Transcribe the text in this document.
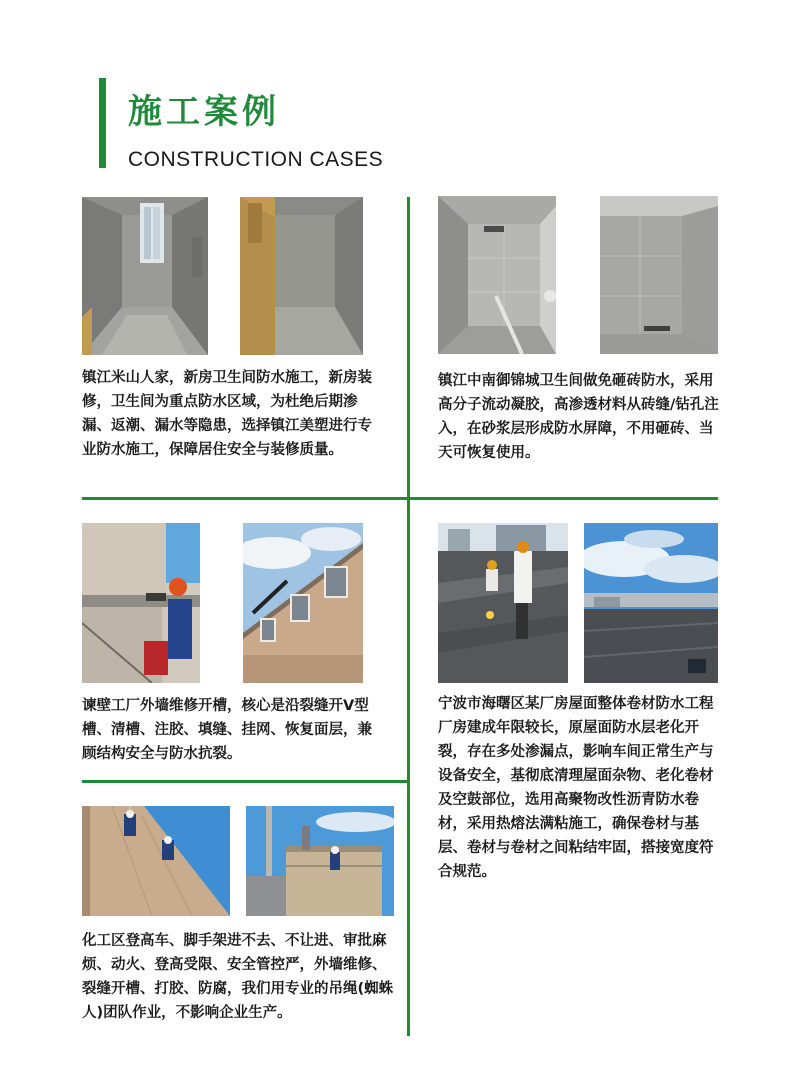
施工案例
CONSTRUCTION CASES

镇江米山人家，新房卫生间防水施工，新房装修，卫生间为重点防水区域，为杜绝后期渗漏、返潮、漏水等隐患，选择镇江美塑进行专业防水施工，保障居住安全与装修质量。

镇江中南御锦城卫生间做免砸砖防水，采用高分子流动凝胶，高渗透材料从砖缝/钻孔注入，在砂浆层形成防水屏障，不用砸砖、当天可恢复使用。

谏壁工厂外墙维修开槽，核心是沿裂缝开V型槽、清槽、注胶、填缝、挂网、恢复面层，兼顾结构安全与防水抗裂。

宁波市海曙区某厂房屋面整体卷材防水工程厂房建成年限较长，原屋面防水层老化开裂，存在多处渗漏点，影响车间正常生产与设备安全，基彻底清理屋面杂物、老化卷材及空鼓部位，选用高聚物改性沥青防水卷材，采用热熔法满粘施工，确保卷材与基层、卷材与卷材之间粘结牢固，搭接宽度符合规范。

化工区登高车、脚手架进不去、不让进、审批麻烦、动火、登高受限、安全管控严，外墙维修、裂缝开槽、打胶、防腐，我们用专业的吊绳(蜘蛛人)团队作业，不影响企业生产。
